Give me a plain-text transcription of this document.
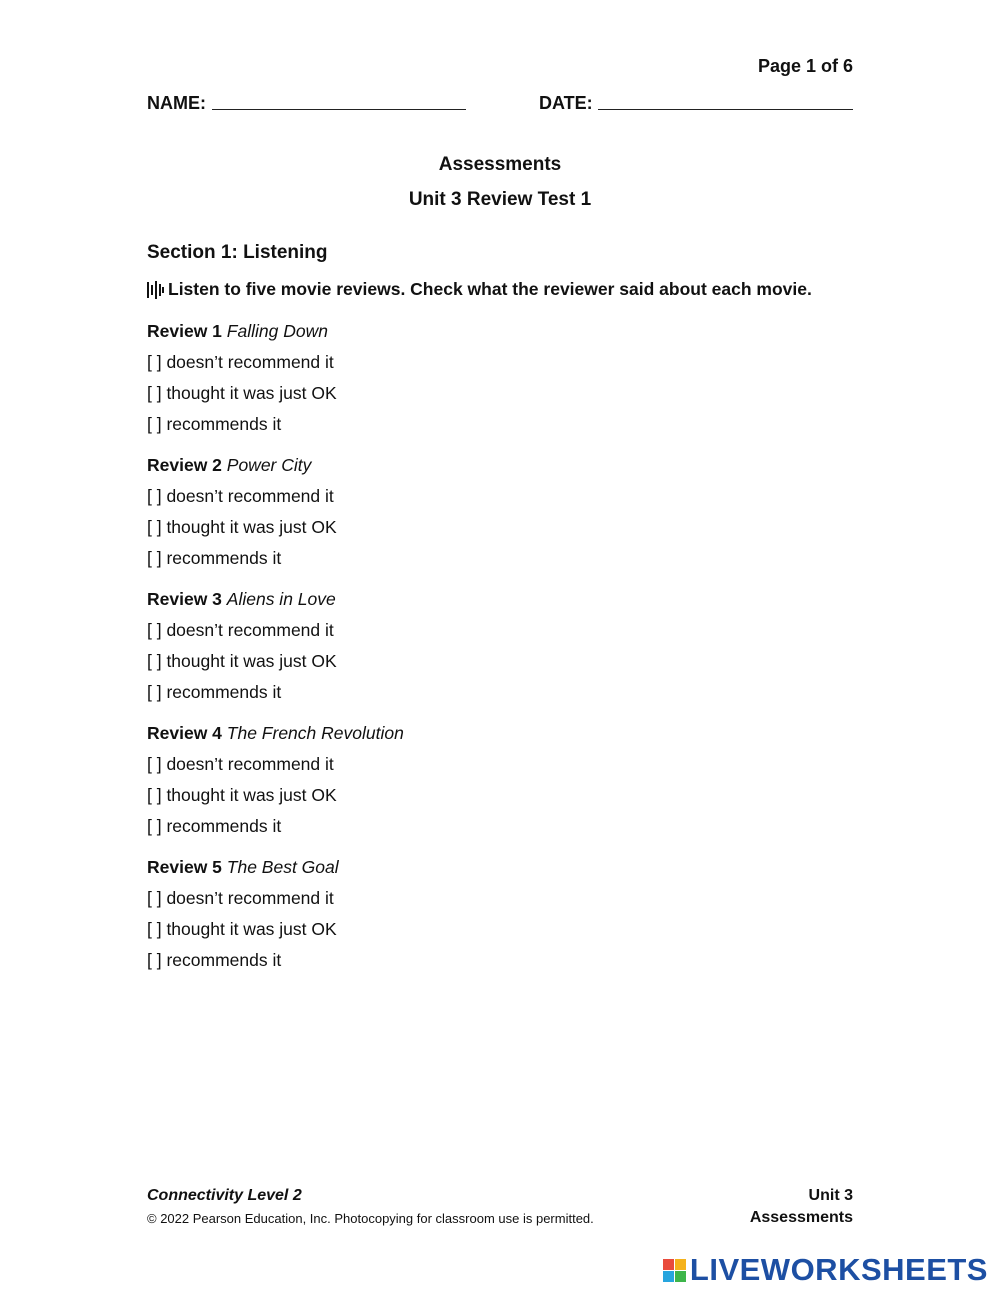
Page 1 of 6
NAME:	DATE:
Assessments
Unit 3 Review Test 1
Section 1: Listening
Listen to five movie reviews. Check what the reviewer said about each movie.
Review 1 Falling Down
[ ] doesn’t recommend it
[ ] thought it was just OK
[ ] recommends it
Review 2 Power City
[ ] doesn’t recommend it
[ ] thought it was just OK
[ ] recommends it
Review 3 Aliens in Love
[ ] doesn’t recommend it
[ ] thought it was just OK
[ ] recommends it
Review 4 The French Revolution
[ ] doesn’t recommend it
[ ] thought it was just OK
[ ] recommends it
Review 5 The Best Goal
[ ] doesn’t recommend it
[ ] thought it was just OK
[ ] recommends it
Connectivity Level 2
© 2022 Pearson Education, Inc. Photocopying for classroom use is permitted.
Unit 3
Assessments
LIVEWORKSHEETS
